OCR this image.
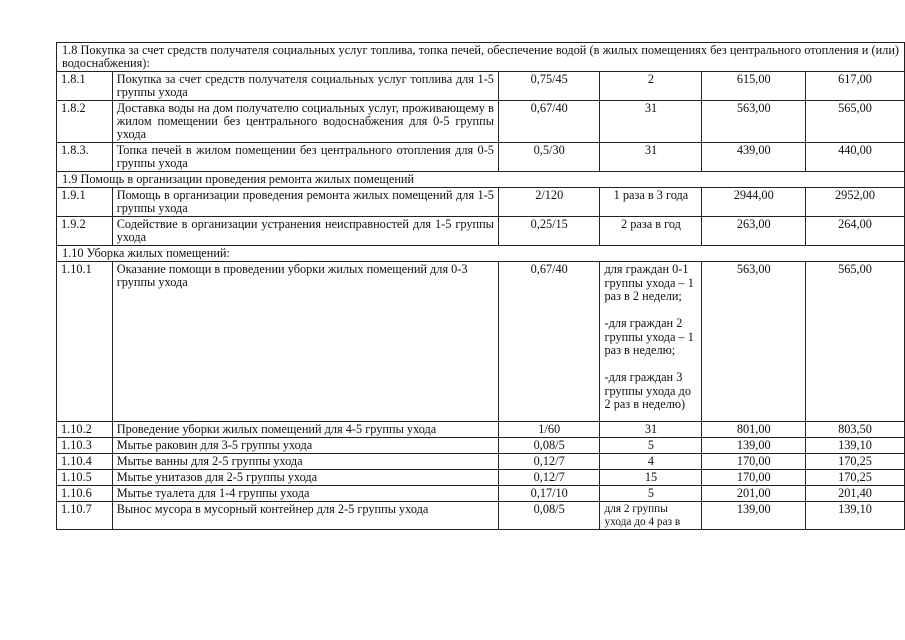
1.8 Покупка за счет средств получателя социальных услуг топлива, топка печей, обеспечение водой (в жилых помещениях без центрального отопления и (или) водоснабжения):					
1.8.1	Покупка за счет средств получателя социальных услуг топлива для 1-5 группы ухода	0,75/45	2	615,00	617,00
1.8.2	Доставка воды на дом получателю социальных услуг, проживающему в жилом помещении без центрального водоснабжения для 0-5 группы ухода	0,67/40	31	563,00	565,00
1.8.3.	Топка печей в жилом помещении без центрального отопления для 0-5 группы ухода	0,5/30	31	439,00	440,00
1.9 Помощь в организации проведения ремонта жилых помещений					
1.9.1	Помощь в организации проведения ремонта жилых помещений для 1-5 группы ухода	2/120	1 раза в 3 года	2944,00	2952,00
1.9.2	Содействие в организации устранения неисправностей для 1-5 группы ухода	0,25/15	2 раза в год	263,00	264,00
1.10 Уборка жилых помещений:					
1.10.1	Оказание помощи в проведении уборки жилых помещений для 0-3 группы ухода	0,67/40	для граждан 0-1 группы ухода – 1 раз в 2 недели;

-для граждан 2 группы ухода – 1 раз в неделю;

-для граждан 3 группы ухода до 2 раз в неделю)	563,00	565,00
1.10.2	Проведение уборки жилых помещений для 4-5 группы ухода	1/60	31	801,00	803,50
1.10.3	Мытье раковин для 3-5 группы ухода	0,08/5	5	139,00	139,10
1.10.4	Мытье ванны для 2-5 группы ухода	0,12/7	4	170,00	170,25
1.10.5	Мытье унитазов для 2-5 группы ухода	0,12/7	15	170,00	170,25
1.10.6	Мытье туалета для 1-4 группы ухода	0,17/10	5	201,00	201,40
1.10.7	Вынос мусора в мусорный контейнер для 2-5 группы ухода	0,08/5	для 2 группы ухода до 4 раз в	139,00	139,10
